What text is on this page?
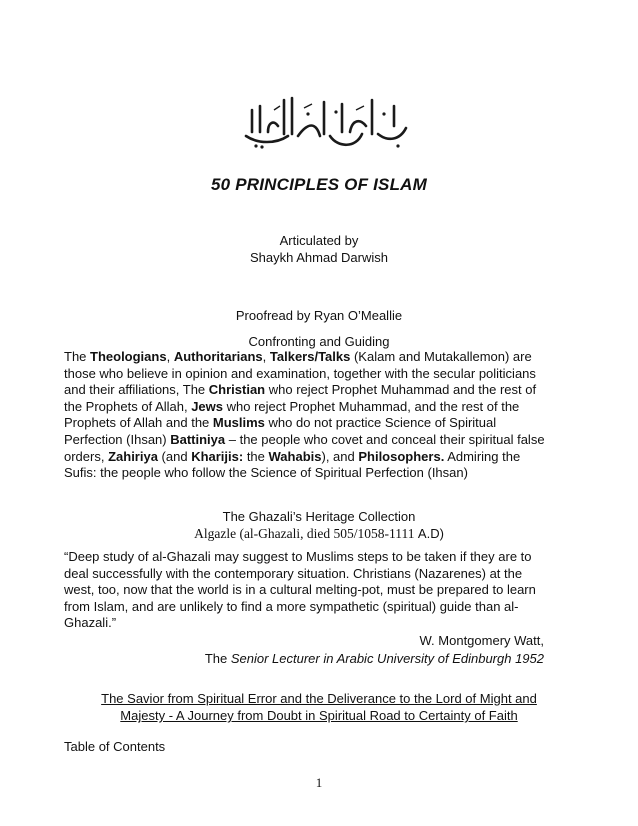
50 PRINCIPLES OF ISLAM
Articulated by
Shaykh Ahmad Darwish
Proofread by Ryan O’Meallie
Confronting and Guiding
The Theologians, Authoritarians, Talkers/Talks (Kalam and Mutakallemon) are those who believe in opinion and examination, together with the secular politicians and their affiliations, The Christian who reject Prophet Muhammad and the rest of the Prophets of Allah, Jews who reject Prophet Muhammad, and the rest of the Prophets of Allah and the Muslims who do not practice Science of Spiritual Perfection (Ihsan) Battiniya – the people who covet and conceal their spiritual false orders, Zahiriya (and Kharijis: the Wahabis), and Philosophers. Admiring the Sufis: the people who follow the Science of Spiritual Perfection (Ihsan)
The Ghazali’s Heritage Collection
Algazle (al-Ghazali, died 505/1058-1111 A.D)
“Deep study of al-Ghazali may suggest to Muslims steps to be taken if they are to deal successfully with the contemporary situation. Christians (Nazarenes) at the west, too, now that the world is in a cultural melting-pot, must be prepared to learn from Islam, and are unlikely to find a more sympathetic (spiritual) guide than al-Ghazali.”
W. Montgomery Watt,
The Senior Lecturer in Arabic University of Edinburgh 1952
The Savior from Spiritual Error and the Deliverance to the Lord of Might and
Majesty - A Journey from Doubt in Spiritual Road to Certainty of Faith
Table of Contents
1
